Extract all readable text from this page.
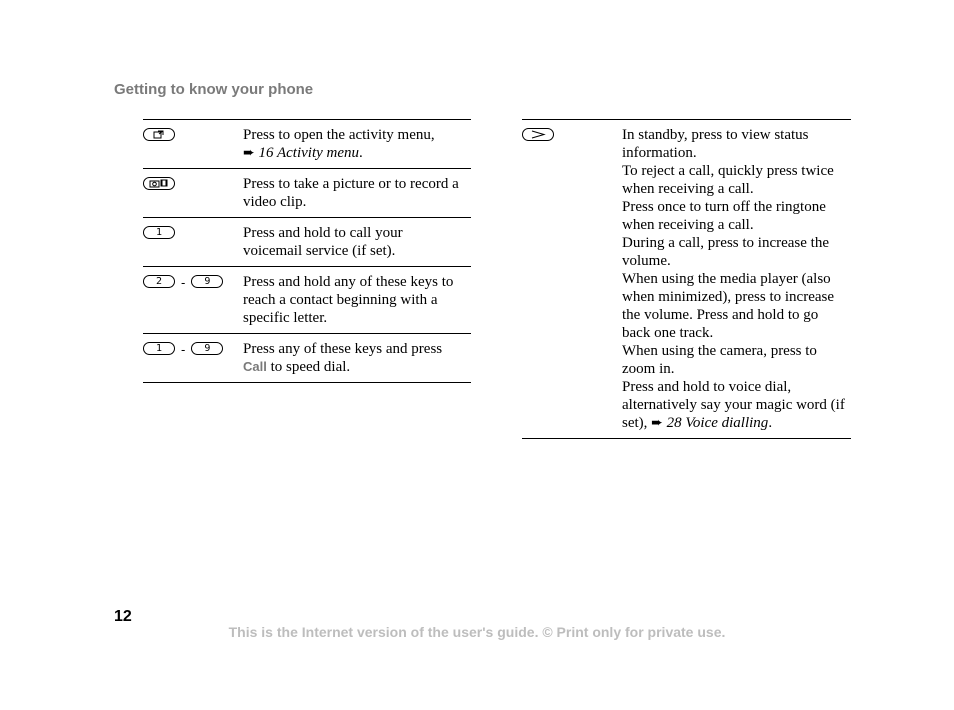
Getting to know your phone

Press to open the activity menu,
➨ 16 Activity menu.

Press to take a picture or to record a video clip.

1	Press and hold to call your voicemail service (if set).

2	-	9	Press and hold any of these keys to reach a contact beginning with a specific letter.

1	-	9	Press any of these keys and press
Call to speed dial.

In standby, press to view status information.

To reject a call, quickly press twice when receiving a call.

Press once to turn off the ringtone when receiving a call.

During a call, press to increase the volume.

When using the media player (also when minimized), press to increase the volume. Press and hold to go back one track.

When using the camera, press to zoom in.

Press and hold to voice dial, alternatively say your magic word (if set), ➨ 28 Voice dialling.

12
This is the Internet version of the user's guide. © Print only for private use.
